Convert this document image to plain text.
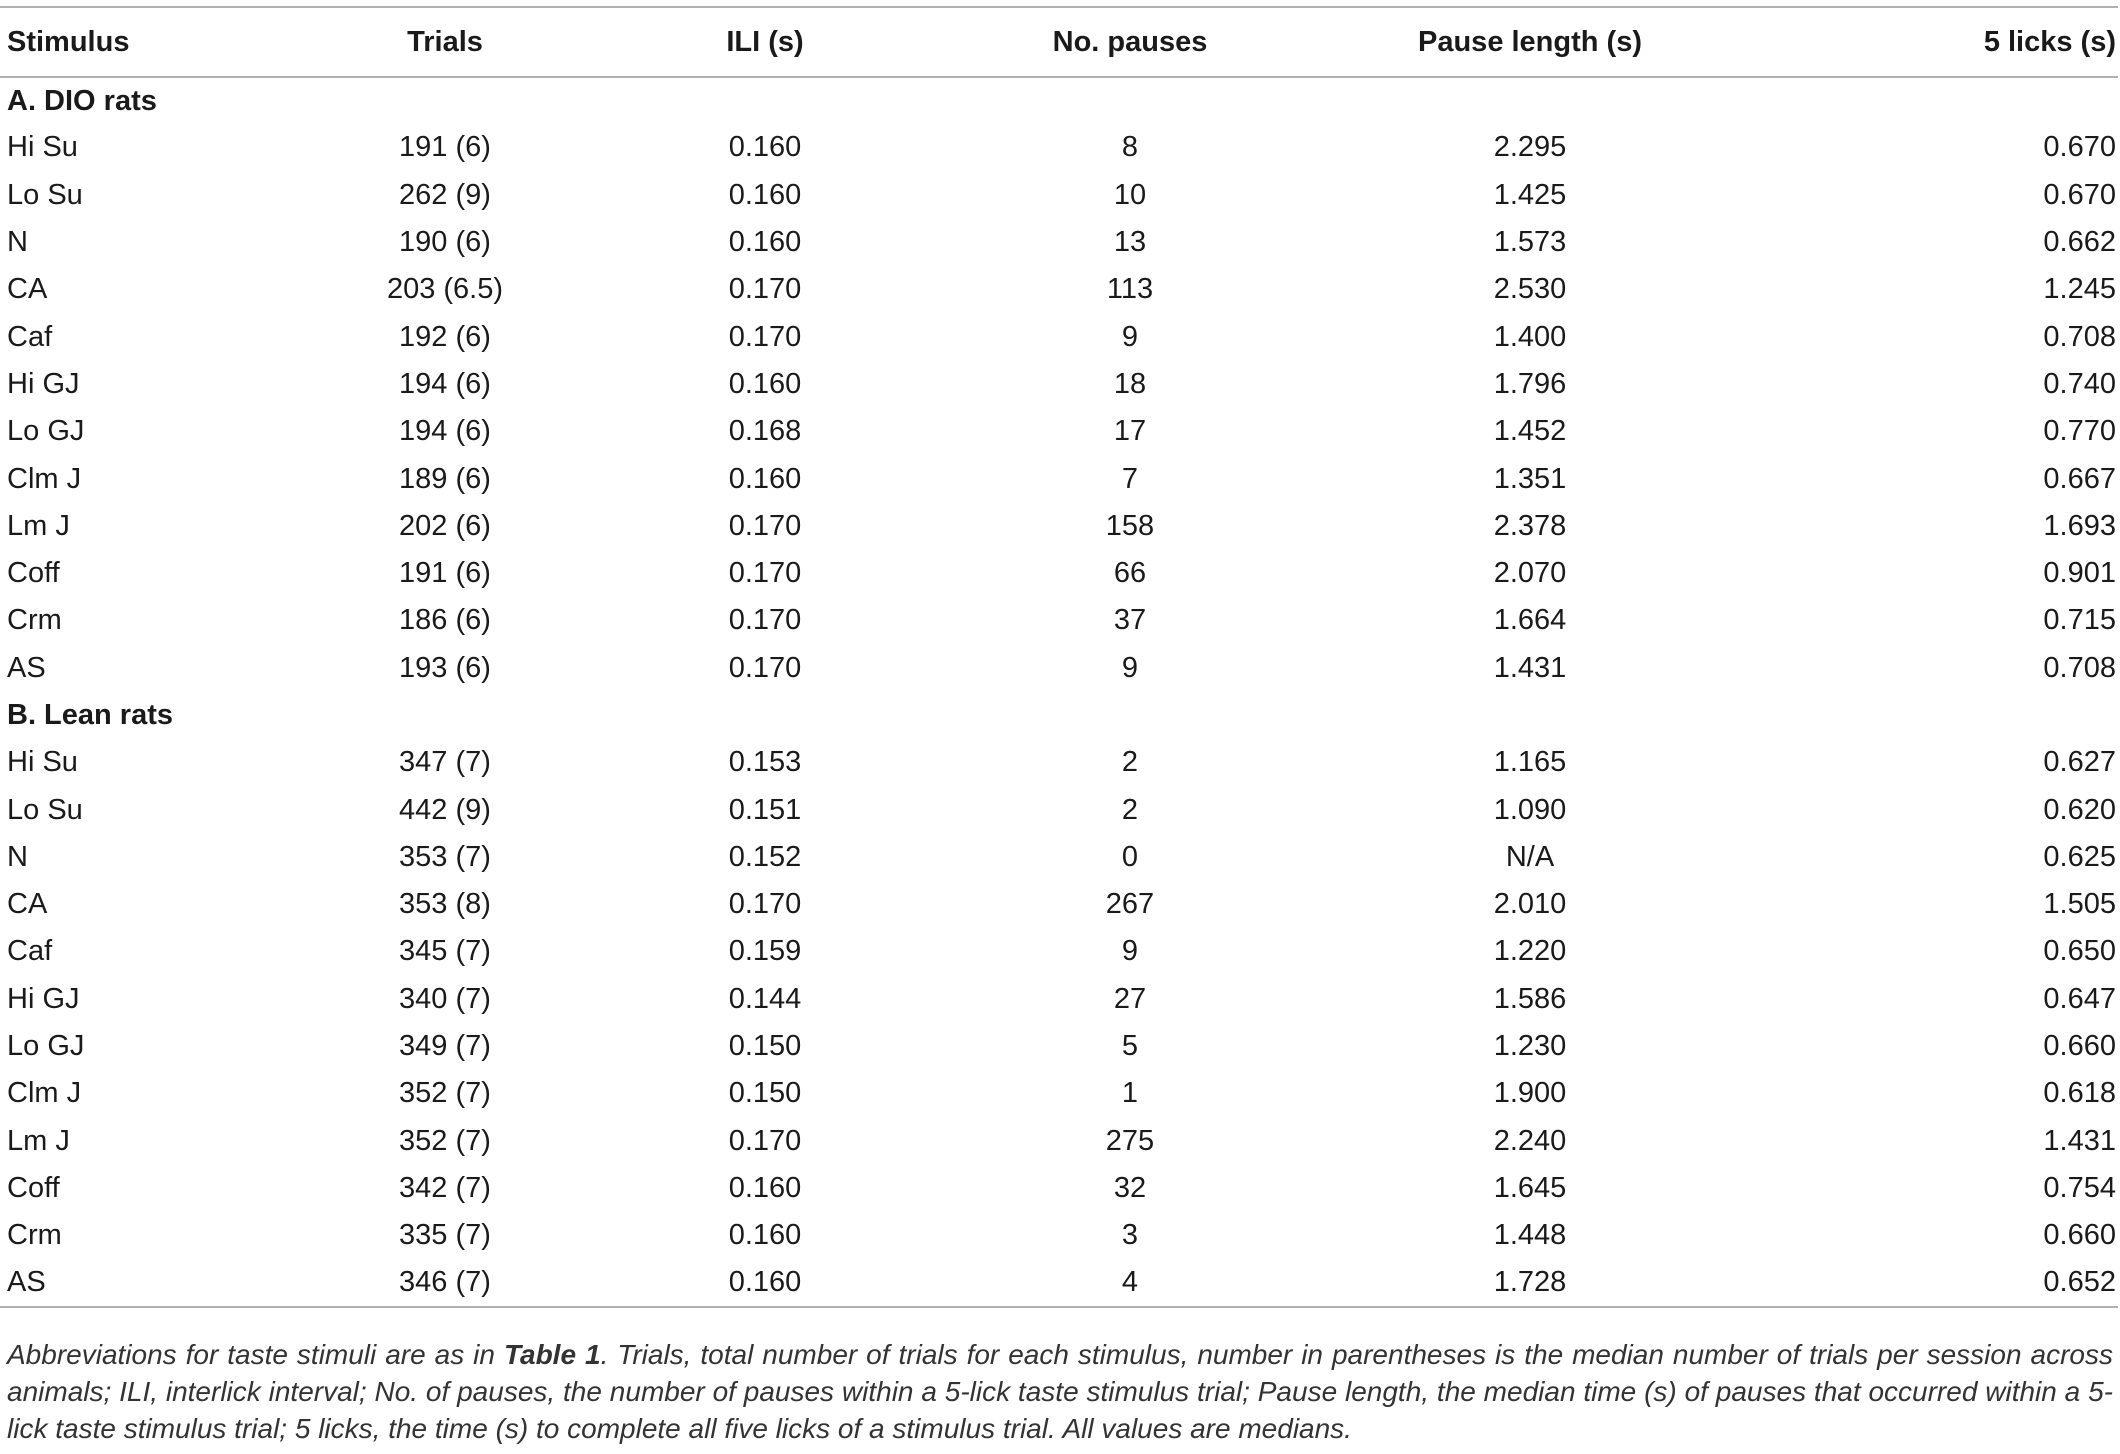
Stimulus	Trials	ILI (s)	No. pauses	Pause length (s)	5 licks (s)
A. DIO rats					
Hi Su	191 (6)	0.160	8	2.295	0.670
Lo Su	262 (9)	0.160	10	1.425	0.670
N	190 (6)	0.160	13	1.573	0.662
CA	203 (6.5)	0.170	113	2.530	1.245
Caf	192 (6)	0.170	9	1.400	0.708
Hi GJ	194 (6)	0.160	18	1.796	0.740
Lo GJ	194 (6)	0.168	17	1.452	0.770
Clm J	189 (6)	0.160	7	1.351	0.667
Lm J	202 (6)	0.170	158	2.378	1.693
Coff	191 (6)	0.170	66	2.070	0.901
Crm	186 (6)	0.170	37	1.664	0.715
AS	193 (6)	0.170	9	1.431	0.708
B. Lean rats					
Hi Su	347 (7)	0.153	2	1.165	0.627
Lo Su	442 (9)	0.151	2	1.090	0.620
N	353 (7)	0.152	0	N/A	0.625
CA	353 (8)	0.170	267	2.010	1.505
Caf	345 (7)	0.159	9	1.220	0.650
Hi GJ	340 (7)	0.144	27	1.586	0.647
Lo GJ	349 (7)	0.150	5	1.230	0.660
Clm J	352 (7)	0.150	1	1.900	0.618
Lm J	352 (7)	0.170	275	2.240	1.431
Coff	342 (7)	0.160	32	1.645	0.754
Crm	335 (7)	0.160	3	1.448	0.660
AS	346 (7)	0.160	4	1.728	0.652
Abbreviations for taste stimuli are as in Table 1. Trials, total number of trials for each stimulus, number in parentheses is the median number of trials per session across animals; ILI, interlick interval; No. of pauses, the number of pauses within a 5-lick taste stimulus trial; Pause length, the median time (s) of pauses that occurred within a 5-lick taste stimulus trial; 5 licks, the time (s) to complete all five licks of a stimulus trial. All values are medians.
